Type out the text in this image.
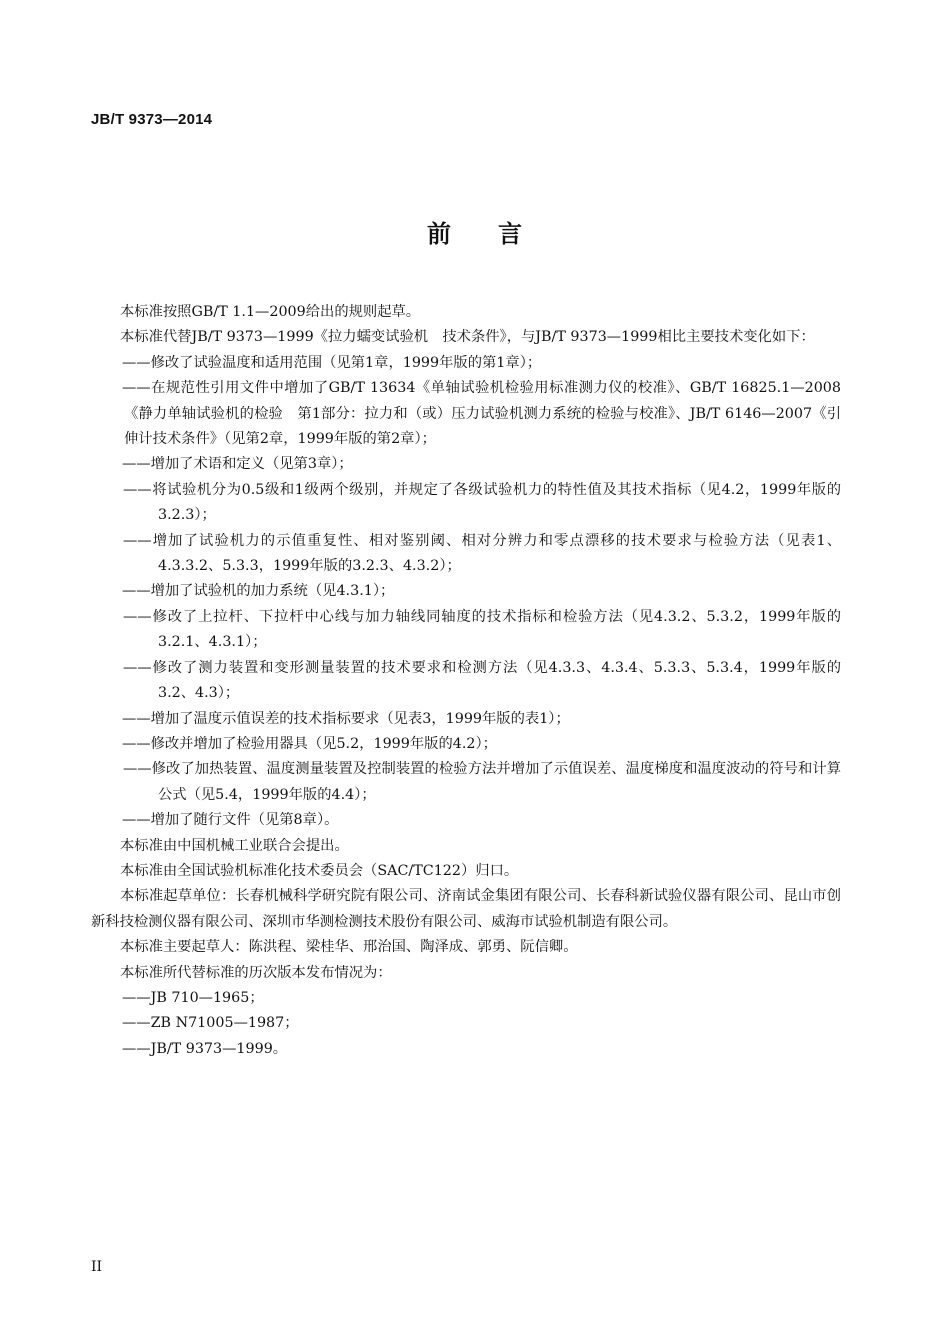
JB/T 9373—2014
前 言

本标准按照GB/T 1.1—2009给出的规则起草。

本标准代替JB/T 9373—1999《拉力蠕变试验机　技术条件》，与JB/T 9373—1999相比主要技术变化如下：

——修改了试验温度和适用范围（见第1章，1999年版的第1章）；

——在规范性引用文件中增加了GB/T 13634《单轴试验机检验用标准测力仪的校准》、GB/T 16825.1—2008《静力单轴试验机的检验　第1部分：拉力和（或）压力试验机测力系统的检验与校准》、JB/T 6146—2007《引伸计技术条件》（见第2章，1999年版的第2章）；

——增加了术语和定义（见第3章）；

——将试验机分为0.5级和1级两个级别，并规定了各级试验机力的特性值及其技术指标（见4.2，1999年版的3.2.3）；

——增加了试验机力的示值重复性、相对鉴别阈、相对分辨力和零点漂移的技术要求与检验方法（见表1、4.3.3.2、5.3.3，1999年版的3.2.3、4.3.2）；

——增加了试验机的加力系统（见4.3.1）；

——修改了上拉杆、下拉杆中心线与加力轴线同轴度的技术指标和检验方法（见4.3.2、5.3.2，1999年版的3.2.1、4.3.1）；

——修改了测力装置和变形测量装置的技术要求和检测方法（见4.3.3、4.3.4、5.3.3、5.3.4，1999年版的3.2、4.3）；

——增加了温度示值误差的技术指标要求（见表3，1999年版的表1）；

——修改并增加了检验用器具（见5.2，1999年版的4.2）；

——修改了加热装置、温度测量装置及控制装置的检验方法并增加了示值误差、温度梯度和温度波动的符号和计算公式（见5.4，1999年版的4.4）；

——增加了随行文件（见第8章）。

本标准由中国机械工业联合会提出。

本标准由全国试验机标准化技术委员会（SAC/TC122）归口。

本标准起草单位：长春机械科学研究院有限公司、济南试金集团有限公司、长春科新试验仪器有限公司、昆山市创新科技检测仪器有限公司、深圳市华测检测技术股份有限公司、威海市试验机制造有限公司。

本标准主要起草人：陈洪程、梁桂华、邢治国、陶泽成、郭勇、阮信卿。

本标准所代替标准的历次版本发布情况为：

——JB 710—1965；

——ZB N71005—1987；

——JB/T 9373—1999。

II
